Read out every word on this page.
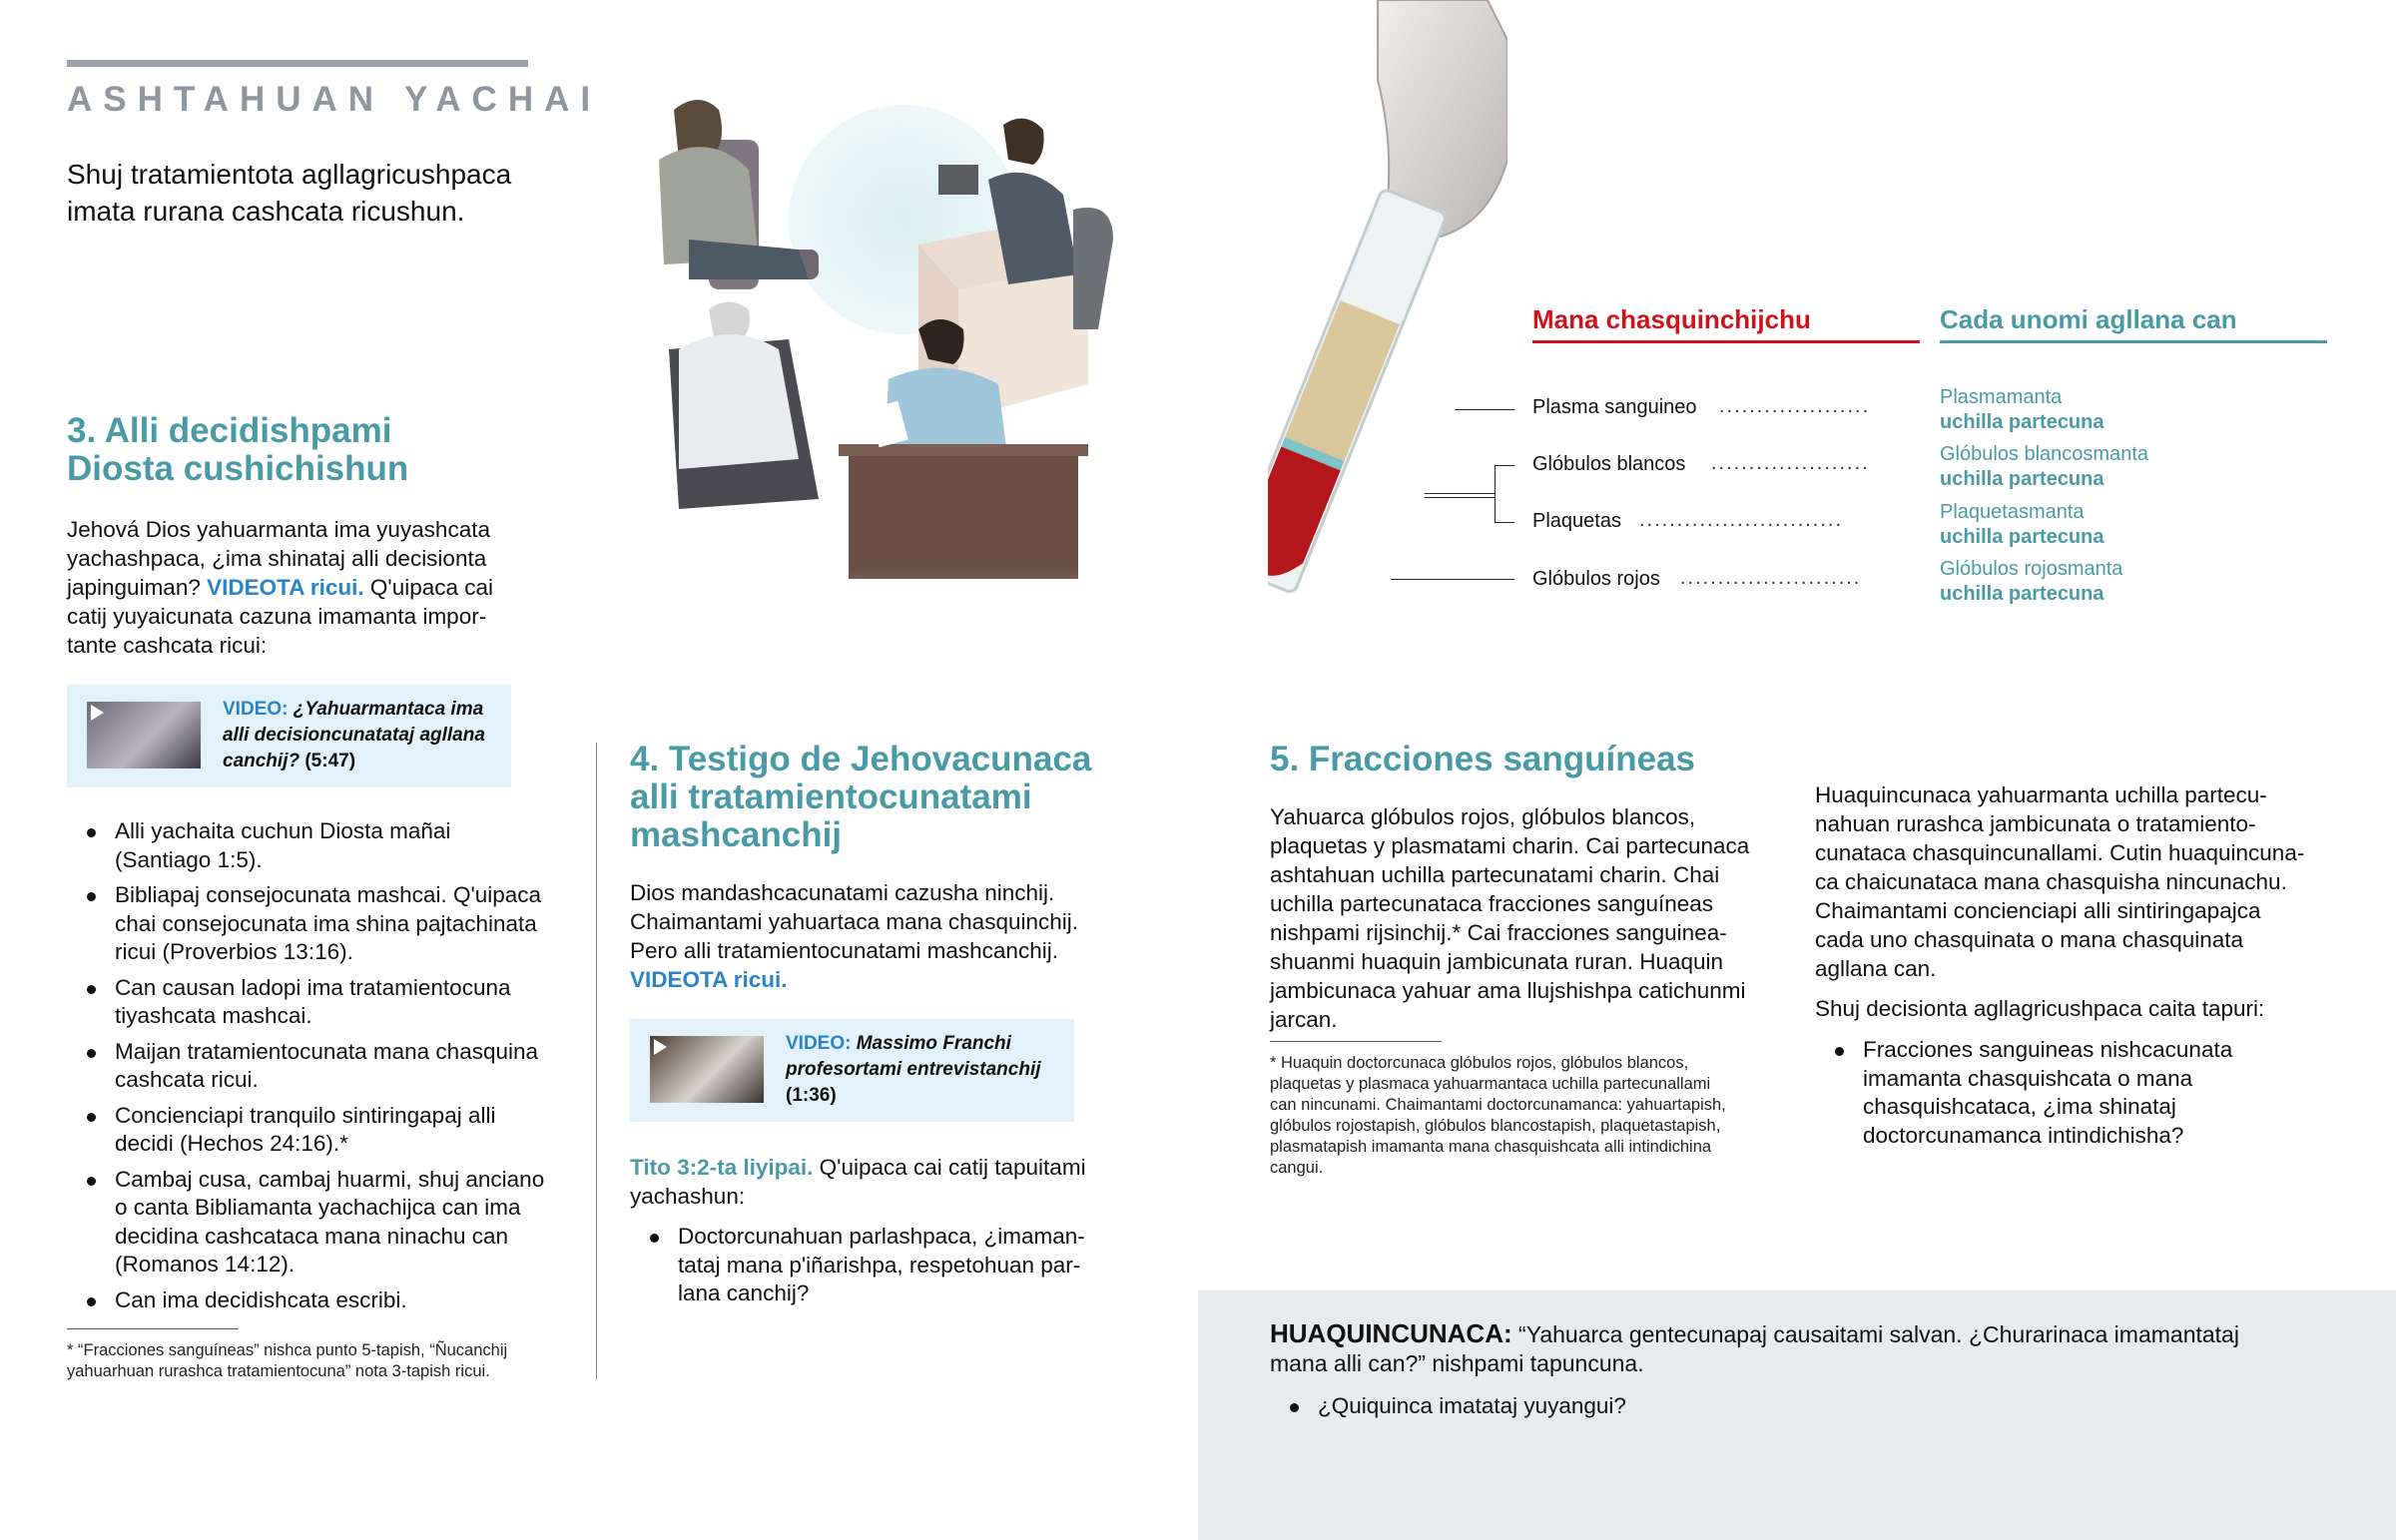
ASHTAHUAN YACHAI
Shuj tratamientota agllagricushpaca imata rurana cashcata ricushun.
3. Alli decidishpami
Diosta cushichishun
Jehová Dios yahuarmanta ima yuyashcata
yachashpaca, ¿ima shinataj alli decisionta
japinguiman? VIDEOTA ricui. Q'uipaca cai
catij yuyaicunata cazuna imamanta impor-
tante cashcata ricui:
VIDEO: ¿Yahuarmantaca ima
alli decisioncunatataj agllana
canchij? (5:47)
Alli yachaita cuchun Diosta mañai
(Santiago 1:5).
Bibliapaj consejocunata mashcai. Q'uipaca
chai consejocunata ima shina pajtachinata
ricui (Proverbios 13:16).
Can causan ladopi ima tratamientocuna
tiyashcata mashcai.
Maijan tratamientocunata mana chasquina
cashcata ricui.
Concienciapi tranquilo sintiringapaj alli
decidi (Hechos 24:16).*
Cambaj cusa, cambaj huarmi, shuj anciano
o canta Bibliamanta yachachijca can ima
decidina cashcataca mana ninachu can
(Romanos 14:12).
Can ima decidishcata escribi.
* “Fracciones sanguíneas” nishca punto 5-tapish, “Ñucanchij
yahuarhuan rurashca tratamientocuna” nota 3-tapish ricui.
4. Testigo de Jehovacunaca
alli tratamientocunatami
mashcanchij
Dios mandashcacunatami cazusha ninchij.
Chaimantami yahuartaca mana chasquinchij.
Pero alli tratamientocunatami mashcanchij.
VIDEOTA ricui.
VIDEO: Massimo Franchi
profesortami entrevistanchij
(1:36)
Tito 3:2-ta liyipai. Q'uipaca cai catij tapuitami
yachashun:
Doctorcunahuan parlashpaca, ¿imaman-
tataj mana p'iñarishpa, respetohuan par-
lana canchij?
Mana chasquinchijchu	Cada unomi agllana can
Plasma sanguineo ....................	Plasmamanta
uchilla partecuna
Glóbulos blancos .....................	Glóbulos blancosmanta
uchilla partecuna
Plaquetas ...........................	Plaquetasmanta
uchilla partecuna
Glóbulos rojos ........................	Glóbulos rojosmanta
uchilla partecuna
5. Fracciones sanguíneas
Yahuarca glóbulos rojos, glóbulos blancos,
plaquetas y plasmatami charin. Cai partecunaca
ashtahuan uchilla partecunatami charin. Chai
uchilla partecunataca fracciones sanguíneas
nishpami rijsinchij.* Cai fracciones sanguinea-
shuanmi huaquin jambicunata ruran. Huaquin
jambicunaca yahuar ama llujshishpa catichunmi
jarcan.
* Huaquin doctorcunaca glóbulos rojos, glóbulos blancos,
plaquetas y plasmaca yahuarmantaca uchilla partecunallami
can nincunami. Chaimantami doctorcunamanca: yahuartapish,
glóbulos rojostapish, glóbulos blancostapish, plaquetastapish,
plasmatapish imamanta mana chasquishcata alli intindichina
cangui.
Huaquincunaca yahuarmanta uchilla partecu-
nahuan rurashca jambicunata o tratamiento-
cunataca chasquincunallami. Cutin huaquincuna-
ca chaicunataca mana chasquisha nincunachu.
Chaimantami concienciapi alli sintiringapajca
cada uno chasquinata o mana chasquinata
agllana can.
Shuj decisionta agllagricushpaca caita tapuri:
Fracciones sanguineas nishcacunata
imamanta chasquishcata o mana
chasquishcataca, ¿ima shinataj
doctorcunamanca intindichisha?
HUAQUINCUNACA: “Yahuarca gentecunapaj causaitami salvan. ¿Churarinaca imamantataj
mana alli can?” nishpami tapuncuna.
¿Quiquinca imatataj yuyangui?
